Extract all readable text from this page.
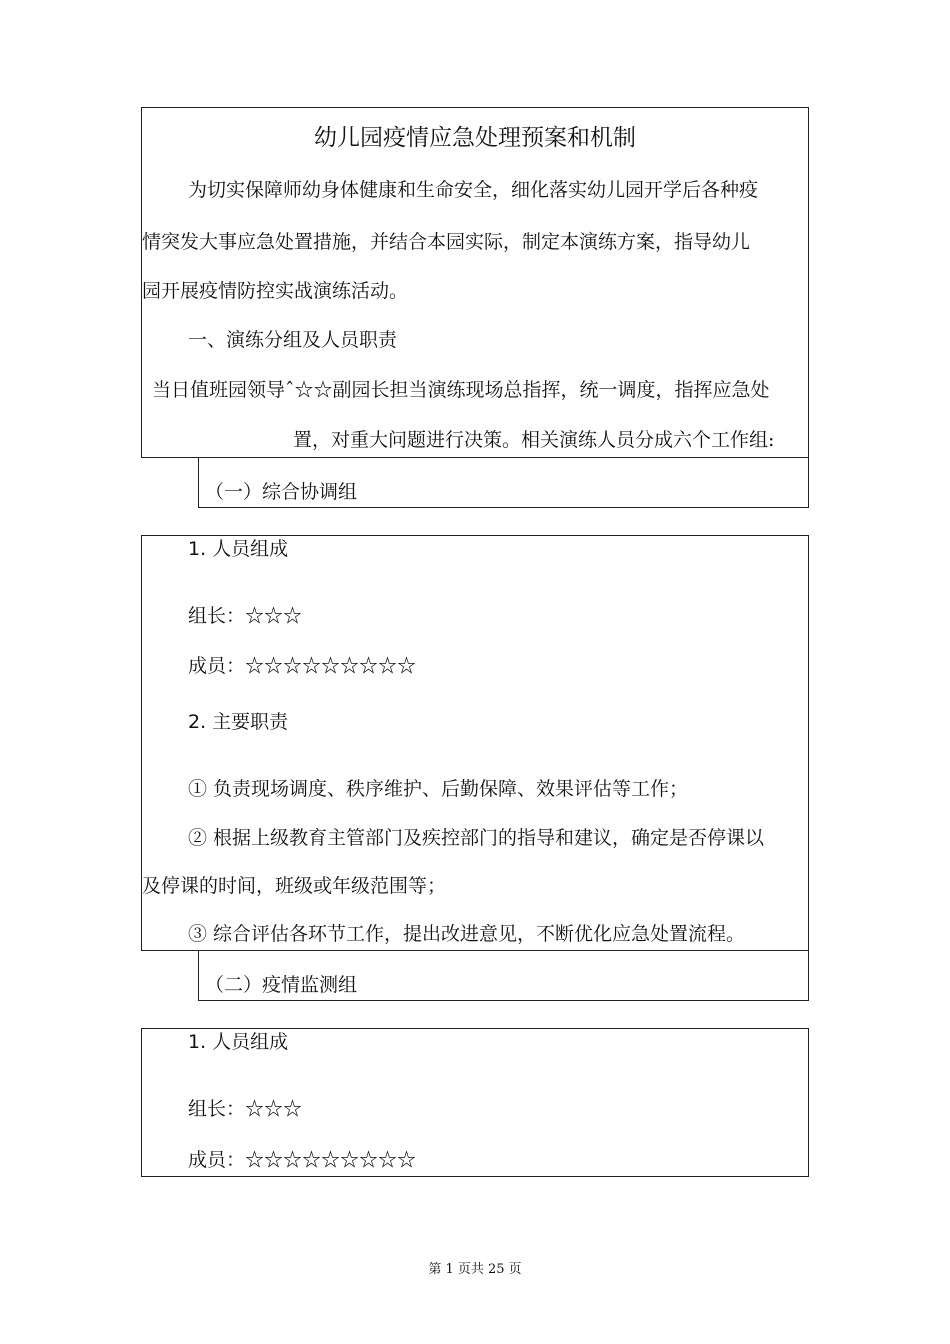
幼儿园疫情应急处理预案和机制
为切实保障师幼身体健康和生命安全，细化落实幼儿园开学后各种疫
情突发大事应急处置措施，并结合本园实际，制定本演练方案，指导幼儿
园开展疫情防控实战演练活动。
一、演练分组及人员职责
当日值班园领导ˆ☆☆副园长担当演练现场总指挥，统一调度，指挥应急处
置，对重大问题进行决策。相关演练人员分成六个工作组:
（一）综合协调组
1. 人员组成
组长：☆☆☆
成员：☆☆☆☆☆☆☆☆☆
2. 主要职责
① 负责现场调度、秩序维护、后勤保障、效果评估等工作；
② 根据上级教育主管部门及疾控部门的指导和建议，确定是否停课以
及停课的时间，班级或年级范围等；
③ 综合评估各环节工作，提出改进意见，不断优化应急处置流程。
（二）疫情监测组
1. 人员组成
组长：☆☆☆
成员：☆☆☆☆☆☆☆☆☆
第 1 页共 25 页
